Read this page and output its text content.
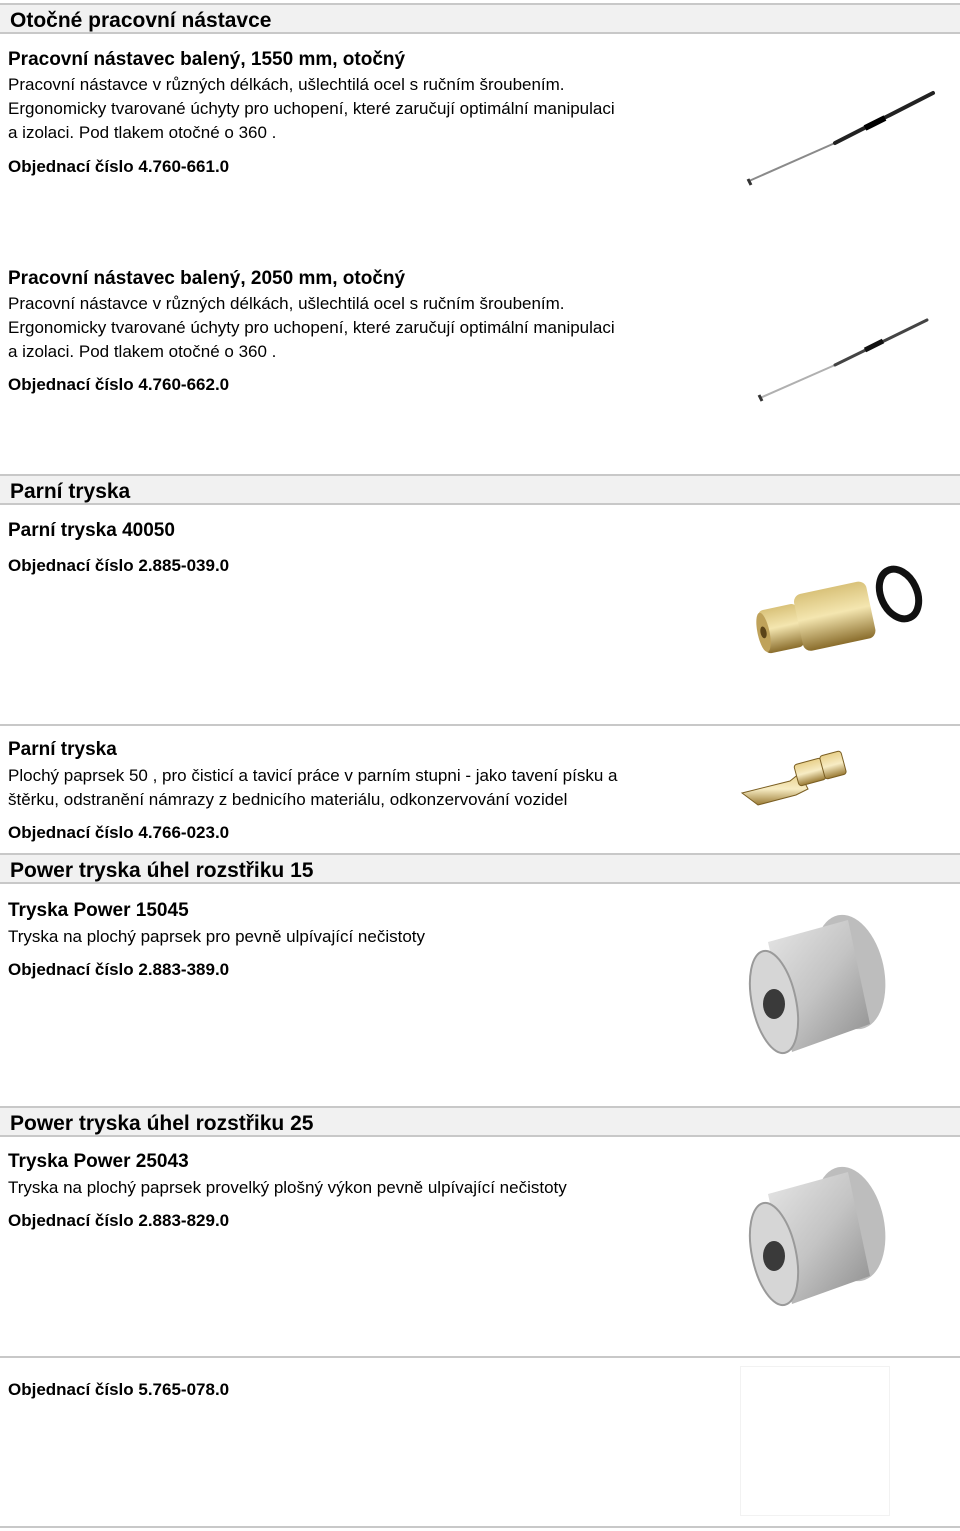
Otočné pracovní nástavce
Pracovní nástavec balený, 1550 mm, otočný
Pracovní nástavce v různých délkách, ušlechtilá ocel s ručním šroubením.
Ergonomicky tvarované úchyty pro uchopení, které zaručují optimální manipulaci
a izolaci. Pod tlakem otočné o 360 .
Objednací číslo 4.760-661.0
Pracovní nástavec balený, 2050 mm, otočný
Pracovní nástavce v různých délkách, ušlechtilá ocel s ručním šroubením.
Ergonomicky tvarované úchyty pro uchopení, které zaručují optimální manipulaci
a izolaci. Pod tlakem otočné o 360 .
Objednací číslo 4.760-662.0
Parní tryska
Parní tryska 40050
Objednací číslo 2.885-039.0
Parní tryska
Plochý paprsek 50 , pro čisticí a tavicí práce v parním stupni - jako tavení písku a
štěrku, odstranění námrazy z bednicího materiálu, odkonzervování vozidel
Objednací číslo 4.766-023.0
Power tryska úhel rozstřiku 15
Tryska Power 15045
Tryska na plochý paprsek pro pevně ulpívající nečistoty
Objednací číslo 2.883-389.0
Power tryska úhel rozstřiku 25
Tryska Power 25043
Tryska na plochý paprsek provelký plošný výkon pevně ulpívající nečistoty
Objednací číslo 2.883-829.0
Objednací číslo 5.765-078.0
